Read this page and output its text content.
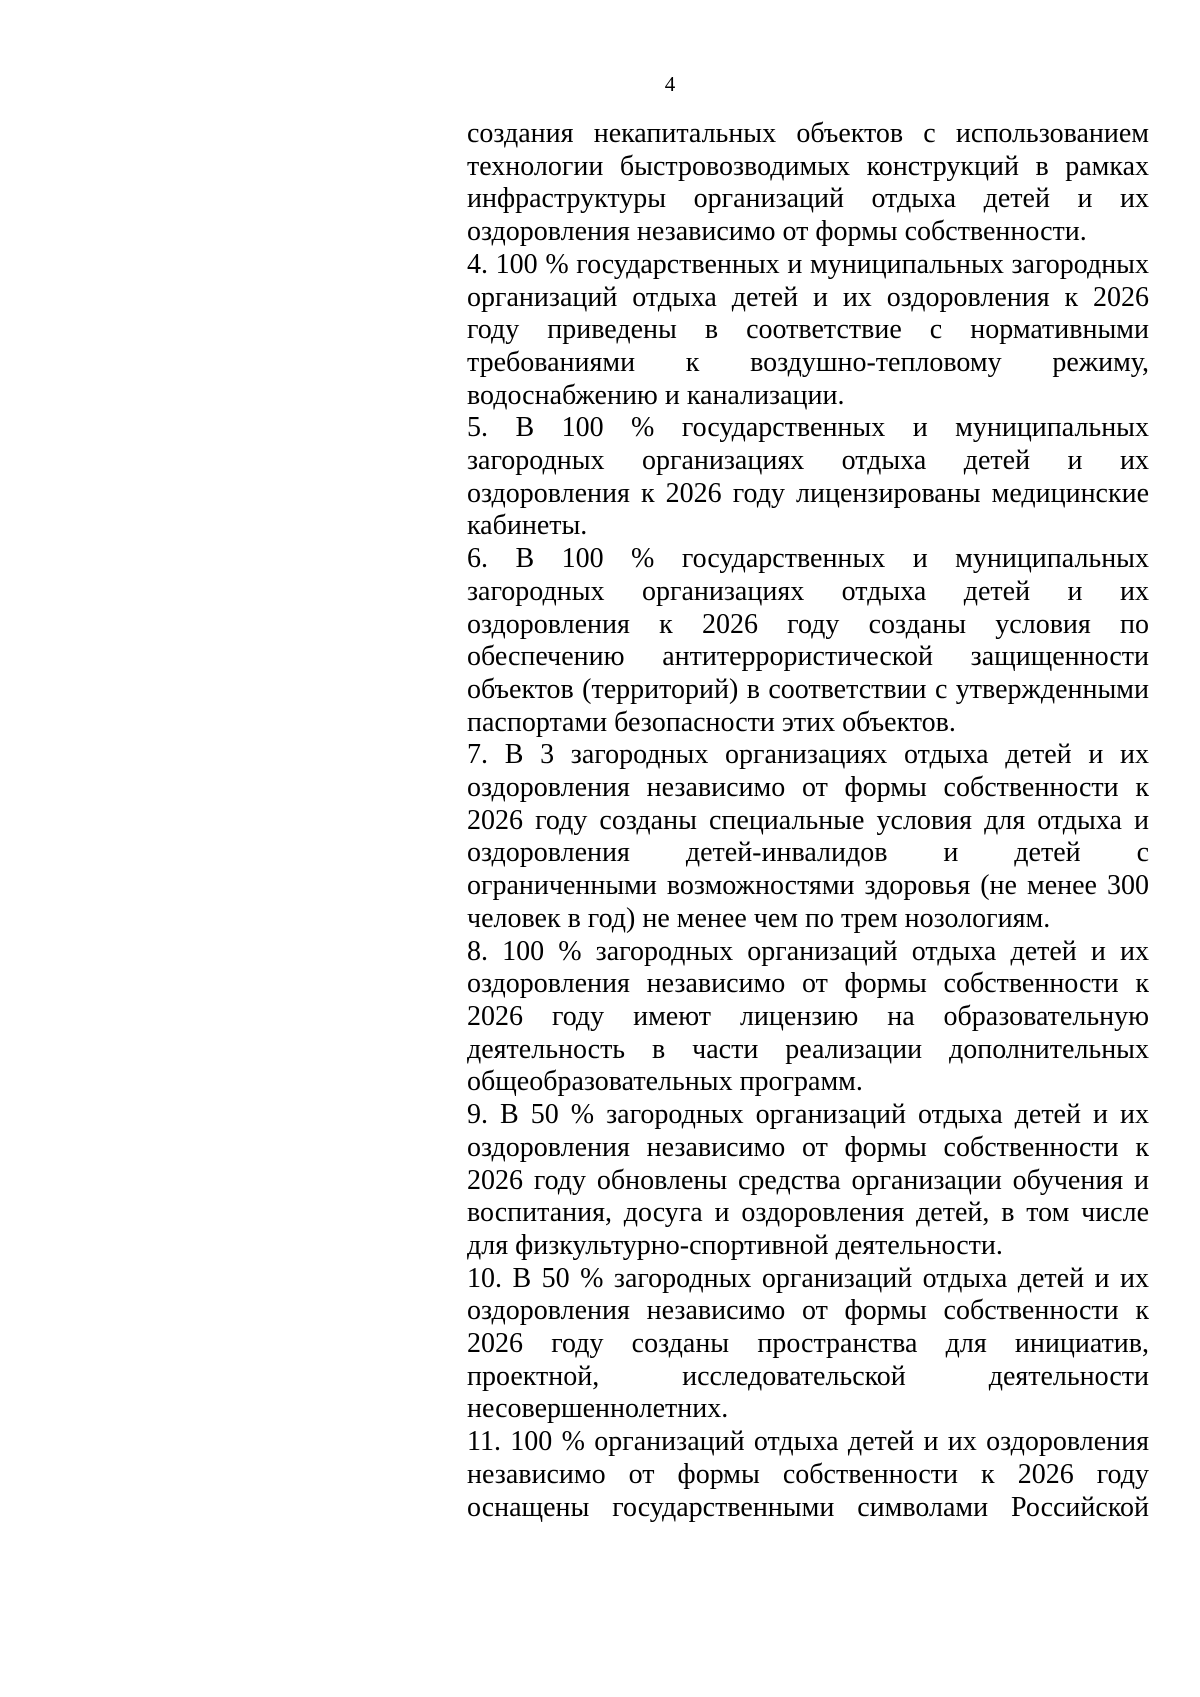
4

создания некапитальных объектов с использованием технологии быстровозводимых конструкций в рамках инфраструктуры организаций отдыха детей и их оздоровления независимо от формы собственности.

4. 100 % государственных и муниципальных загородных организаций отдыха детей и их оздоровления к 2026 году приведены в соответствие с нормативными требованиями к воздушно-тепловому режиму, водоснабжению и канализации.

5. В 100 % государственных и муниципальных загородных организациях отдыха детей и их оздоровления к 2026 году лицензированы медицинские кабинеты.

6. В 100 % государственных и муниципальных загородных организациях отдыха детей и их оздоровления к 2026 году созданы условия по обеспечению антитеррористической защищенности объектов (территорий) в соответствии с утвержденными паспортами безопасности этих объектов.

7. В 3 загородных организациях отдыха детей и их оздоровления независимо от формы собственности к 2026 году созданы специальные условия для отдыха и оздоровления детей-инвалидов и детей с ограниченными возможностями здоровья (не менее 300 человек в год) не менее чем по трем нозологиям.

8. 100 % загородных организаций отдыха детей и их оздоровления независимо от формы собственности к 2026 году имеют лицензию на образовательную деятельность в части реализации дополнительных общеобразовательных программ.

9. В 50 % загородных организаций отдыха детей и их оздоровления независимо от формы собственности к 2026 году обновлены средства организации обучения и воспитания, досуга и оздоровления детей, в том числе для физкультурно-спортивной деятельности.

10. В 50 % загородных организаций отдыха детей и их оздоровления независимо от формы собственности к 2026 году созданы пространства для инициатив, проектной, исследовательской деятельности несовершеннолетних.

11. 100 % организаций отдыха детей и их оздоровления независимо от формы собственности к 2026 году оснащены государственными символами Российской
